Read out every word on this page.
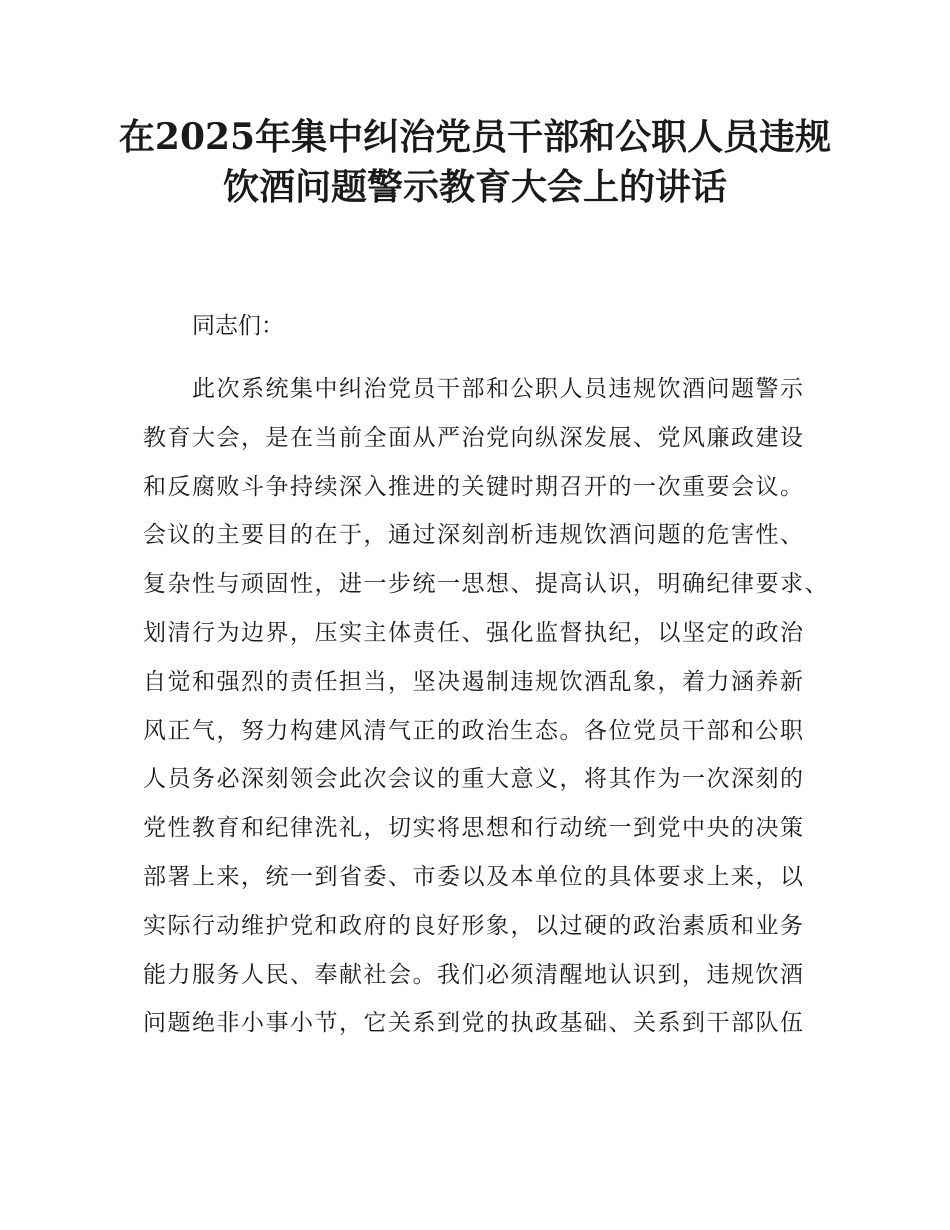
在2025年集中纠治党员干部和公职人员违规
饮酒问题警示教育大会上的讲话

同志们：

此次系统集中纠治党员干部和公职人员违规饮酒问题警示
教育大会，是在当前全面从严治党向纵深发展、党风廉政建设
和反腐败斗争持续深入推进的关键时期召开的一次重要会议。
会议的主要目的在于，通过深刻剖析违规饮酒问题的危害性、
复杂性与顽固性，进一步统一思想、提高认识，明确纪律要求、
划清行为边界，压实主体责任、强化监督执纪，以坚定的政治
自觉和强烈的责任担当，坚决遏制违规饮酒乱象，着力涵养新
风正气，努力构建风清气正的政治生态。各位党员干部和公职
人员务必深刻领会此次会议的重大意义，将其作为一次深刻的
党性教育和纪律洗礼，切实将思想和行动统一到党中央的决策
部署上来，统一到省委、市委以及本单位的具体要求上来，以
实际行动维护党和政府的良好形象，以过硬的政治素质和业务
能力服务人民、奉献社会。我们必须清醒地认识到，违规饮酒
问题绝非小事小节，它关系到党的执政基础、关系到干部队伍
